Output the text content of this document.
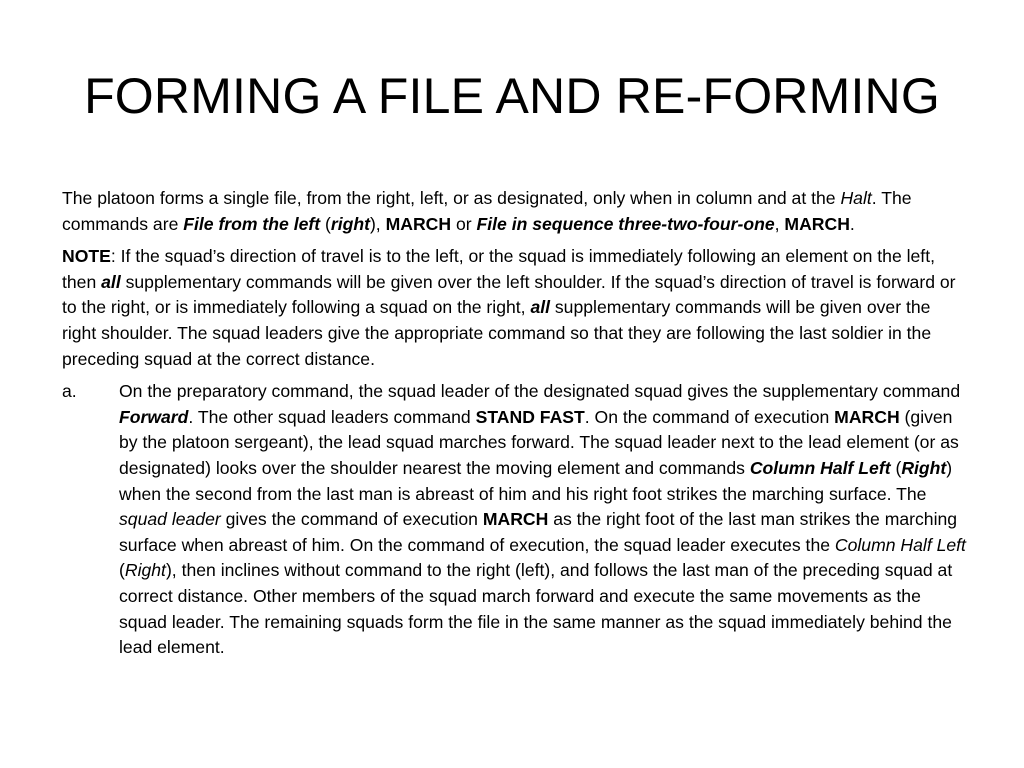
FORMING A FILE AND RE-FORMING

The platoon forms a single file, from the right, left, or as designated, only when in column and at the Halt. The commands are File from the left (right), MARCH or File in sequence three-two-four-one, MARCH.

NOTE: If the squad’s direction of travel is to the left, or the squad is immediately following an element on the left, then all supplementary commands will be given over the left shoulder. If the squad’s direction of travel is forward or to the right, or is immediately following a squad on the right, all supplementary commands will be given over the right shoulder. The squad leaders give the appropriate command so that they are following the last soldier in the preceding squad at the correct distance.

a.	On the preparatory command, the squad leader of the designated squad gives the supplementary command Forward. The other squad leaders command STAND FAST. On the command of execution MARCH (given by the platoon sergeant), the lead squad marches forward. The squad leader next to the lead element (or as designated) looks over the shoulder nearest the moving element and commands Column Half Left (Right) when the second from the last man is abreast of him and his right foot strikes the marching surface. The squad leader gives the command of execution MARCH as the right foot of the last man strikes the marching surface when abreast of him. On the command of execution, the squad leader executes the Column Half Left (Right), then inclines without command to the right (left), and follows the last man of the preceding squad at correct distance. Other members of the squad march forward and execute the same movements as the squad leader. The remaining squads form the file in the same manner as the squad immediately behind the lead element.
